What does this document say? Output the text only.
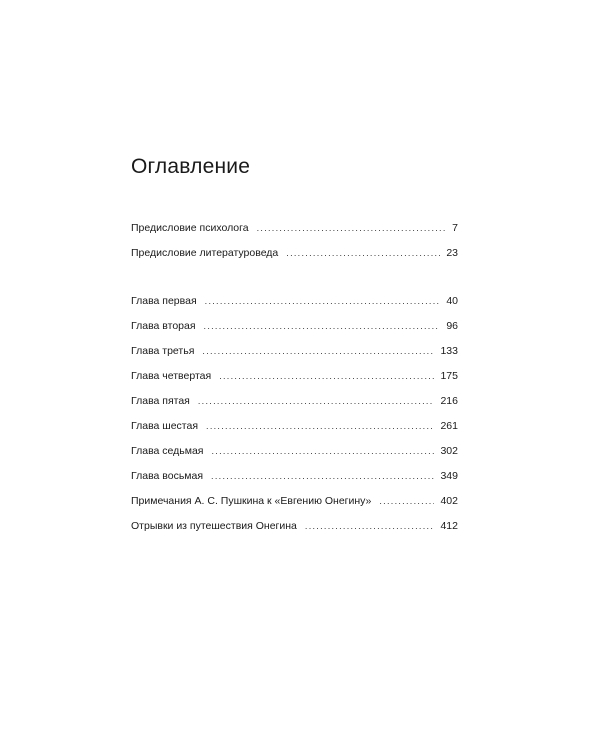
Оглавление
Предисловие психолога . . .	7
Предисловие литературоведа . . .	23
Глава первая . . .	40
Глава вторая . . .	96
Глава третья . . .	133
Глава четвертая . . .	175
Глава пятая . . .	216
Глава шестая . . .	261
Глава седьмая . . .	302
Глава восьмая . . .	349
Примечания А. С. Пушкина к «Евгению Онегину» . . .	402
Отрывки из путешествия Онегина . . .	412
